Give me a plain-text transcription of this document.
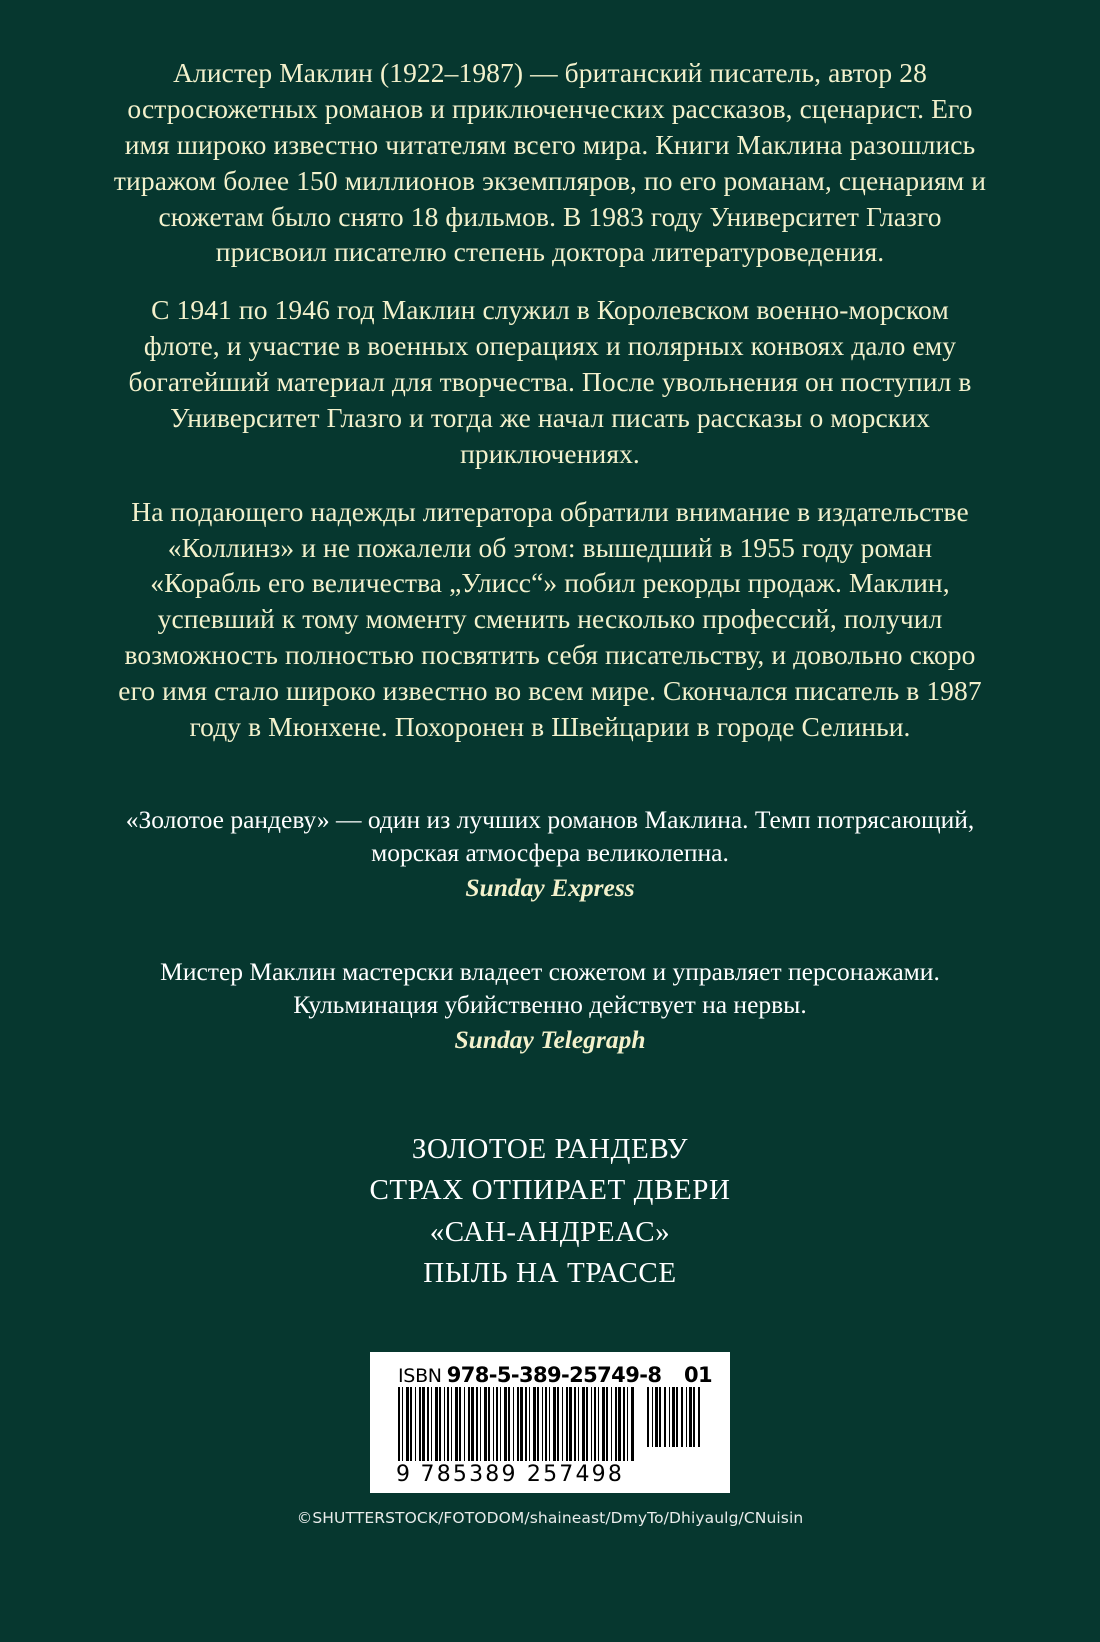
Алистер Маклин (1922–1987) — британский писатель, автор 28 остросюжетных романов и приключенческих рассказов, сценарист. Его имя широко известно читателям всего мира. Книги Маклина разошлись тиражом более 150 миллионов экземпляров, по его романам, сценариям и сюжетам было снято 18 фильмов. В 1983 году Университет Глазго присвоил писателю степень доктора литературоведения.

С 1941 по 1946 год Маклин служил в Королевском военно-морском флоте, и участие в военных операциях и полярных конвоях дало ему богатейший материал для творчества. После увольнения он поступил в Университет Глазго и тогда же начал писать рассказы о морских приключениях.

На подающего надежды литератора обратили внимание в издательстве «Коллинз» и не пожалели об этом: вышедший в 1955 году роман «Корабль его величества „Улисс“» побил рекорды продаж. Маклин, успевший к тому моменту сменить несколько профессий, получил возможность полностью посвятить себя писательству, и довольно скоро его имя стало широко известно во всем мире. Скончался писатель в 1987 году в Мюнхене. Похоронен в Швейцарии в городе Селиньи.

«Золотое рандеву» — один из лучших романов Маклина. Темп потрясающий, морская атмосфера великолепна.

Sunday Express

Мистер Маклин мастерски владеет сюжетом и управляет персонажами. Кульминация убийственно действует на нервы.

Sunday Telegraph

ЗОЛОТОЕ РАНДЕВУ

СТРАХ ОТПИРАЕТ ДВЕРИ

«САН-АНДРЕАС»

ПЫЛЬ НА ТРАССЕ

ISBN 978-5-389-25749-8 01
9 785389 257498
©SHUTTERSTOCK/FOTODOM/shaineast/DmyTo/Dhiyaulg/CNuisin
